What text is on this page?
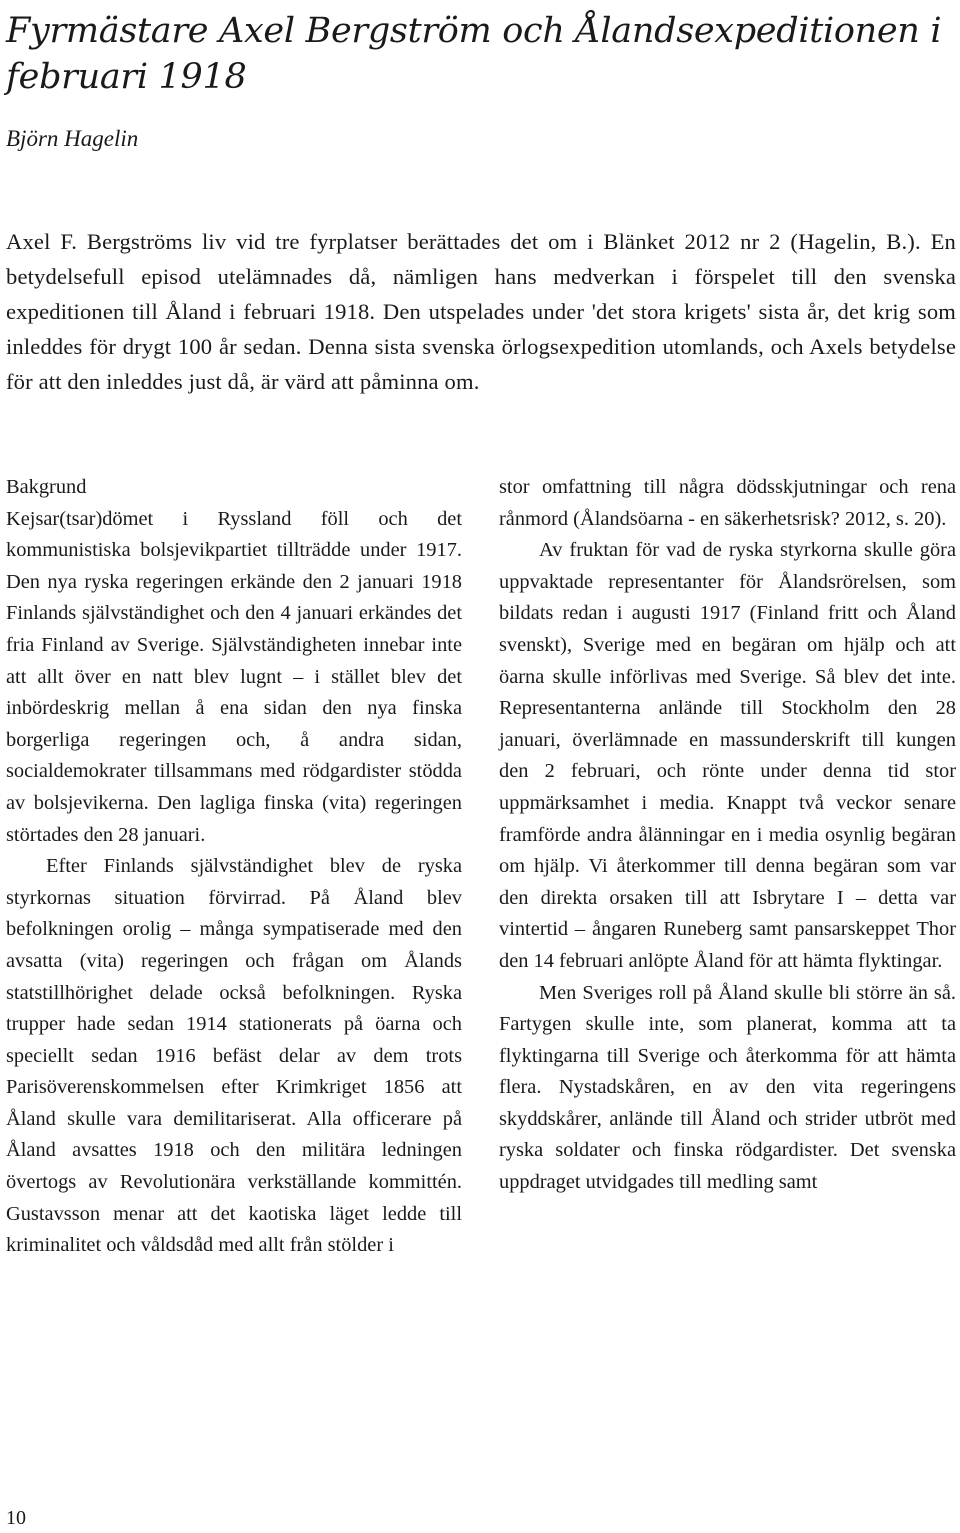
Fyrmästare Axel Bergström och Ålandsexpeditionen i februari 1918

Björn Hagelin

Axel F. Bergströms liv vid tre fyrplatser berättades det om i Blänket 2012 nr 2 (Hagelin, B.). En betydelsefull episod utelämnades då, nämligen hans medverkan i förspelet till den svenska expeditionen till Åland i februari 1918. Den utspelades under 'det stora krigets' sista år, det krig som inleddes för drygt 100 år sedan. Denna sista svenska örlogsexpedition utomlands, och Axels betydelse för att den inleddes just då, är värd att påminna om.

Bakgrund

Kejsar(tsar)dömet i Ryssland föll och det kommunistiska bolsjevikpartiet tillträdde under 1917. Den nya ryska regeringen erkände den 2 januari 1918 Finlands självständighet och den 4 januari erkändes det fria Finland av Sverige. Självständigheten innebar inte att allt över en natt blev lugnt – i stället blev det inbördeskrig mellan å ena sidan den nya finska borgerliga regeringen och, å andra sidan, socialdemokrater tillsammans med rödgardister stödda av bolsjevikerna. Den lagliga finska (vita) regeringen störtades den 28 januari.

Efter Finlands självständighet blev de ryska styrkornas situation förvirrad. På Åland blev befolkningen orolig – många sympatiserade med den avsatta (vita) regeringen och frågan om Ålands statstillhörighet delade också befolkningen. Ryska trupper hade sedan 1914 stationerats på öarna och speciellt sedan 1916 befäst delar av dem trots Parisöverenskommelsen efter Krimkriget 1856 att Åland skulle vara demilitariserat. Alla officerare på Åland avsattes 1918 och den militära ledningen övertogs av Revolutionära verkställande kommittén. Gustavsson menar att det kaotiska läget ledde till kriminalitet och våldsdåd med allt från stölder i

stor omfattning till några dödsskjutningar och rena rånmord (Ålandsöarna - en säkerhetsrisk? 2012, s. 20).

Av fruktan för vad de ryska styrkorna skulle göra uppvaktade representanter för Ålandsrörelsen, som bildats redan i augusti 1917 (Finland fritt och Åland svenskt), Sverige med en begäran om hjälp och att öarna skulle införlivas med Sverige. Så blev det inte. Representanterna anlände till Stockholm den 28 januari, överlämnade en massunderskrift till kungen den 2 februari, och rönte under denna tid stor uppmärksamhet i media. Knappt två veckor senare framförde andra ålänningar en i media osynlig begäran om hjälp. Vi återkommer till denna begäran som var den direkta orsaken till att Isbrytare I – detta var vintertid – ångaren Runeberg samt pansarskeppet Thor den 14 februari anlöpte Åland för att hämta flyktingar.

Men Sveriges roll på Åland skulle bli större än så. Fartygen skulle inte, som planerat, komma att ta flyktingarna till Sverige och återkomma för att hämta flera. Nystadskåren, en av den vita regeringens skyddskårer, anlände till Åland och strider utbröt med ryska soldater och finska rödgardister. Det svenska uppdraget utvidgades till medling samt

10
